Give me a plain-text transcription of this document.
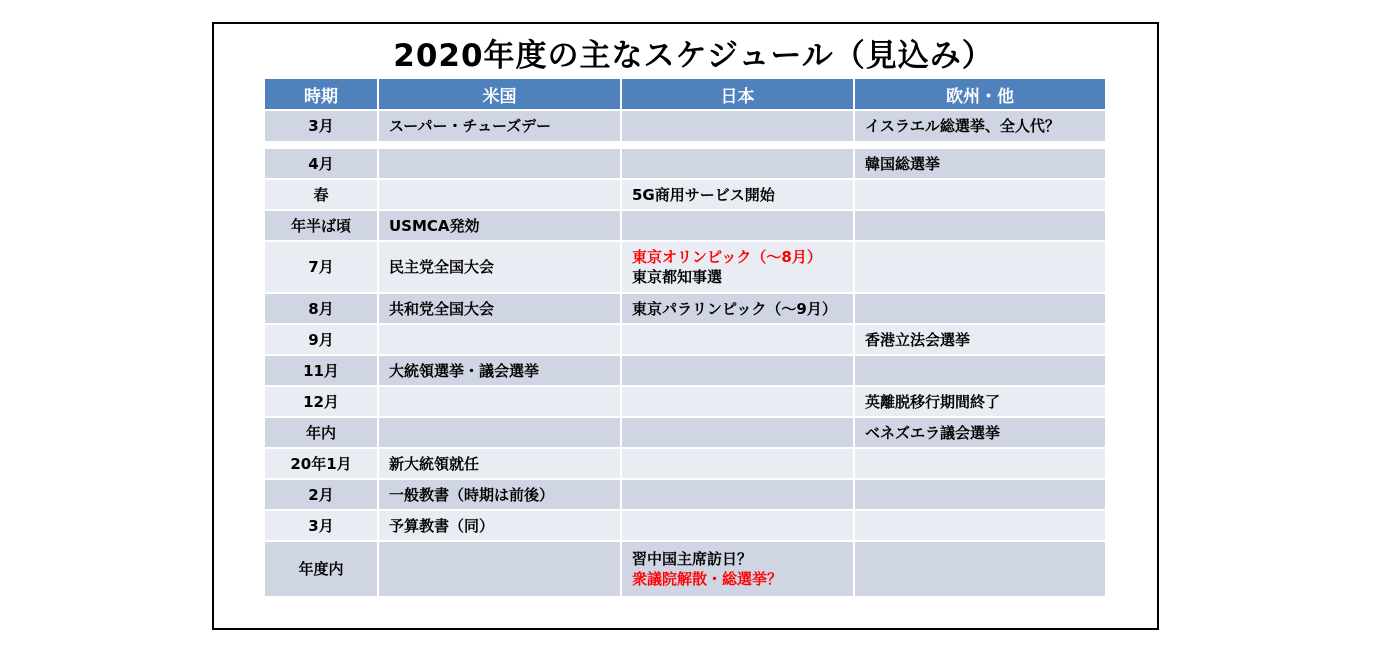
2020年度の主なスケジュール（見込み）
時期	米国	日本	欧州・他
3月	スーパー・チューズデー		イスラエル総選挙、全人代？

4月			韓国総選挙
春		5G商用サービス開始	
年半ば頃	USMCA発効		
7月	民主党全国大会	東京オリンピック（～8月）
東京都知事選	

8月	共和党全国大会	東京パラリンピック（～9月）	
9月			香港立法会選挙
11月	大統領選挙・議会選挙		
12月			英離脱移行期間終了
年内			ベネズエラ議会選挙
20年1月	新大統領就任		
2月	一般教書（時期は前後）		
3月	予算教書（同）		
年度内		習中国主席訪日？
衆議院解散・総選挙？	
